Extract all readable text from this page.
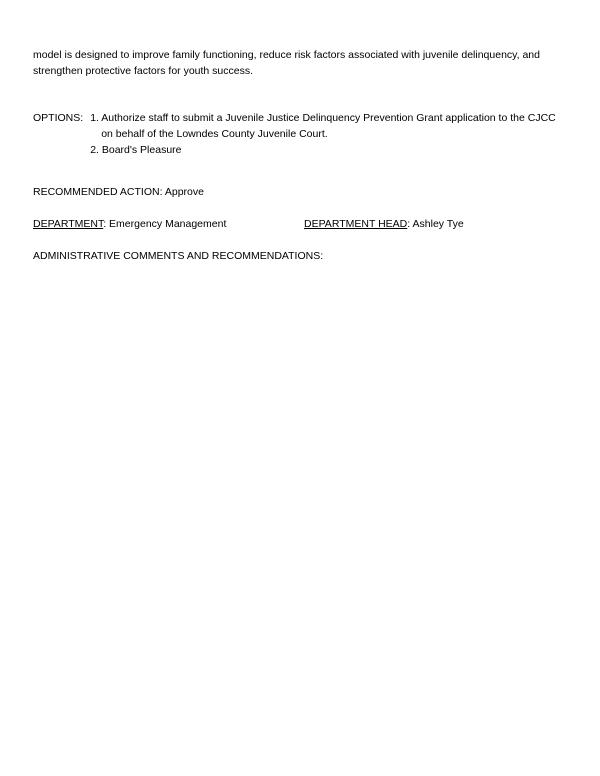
model is designed to improve family functioning, reduce risk factors associated with juvenile delinquency, and strengthen protective factors for youth success.

OPTIONS: 1. Authorize staff to submit a Juvenile Justice Delinquency Prevention Grant application to the CJCC
on behalf of the Lowndes County Juvenile Court.
2. Board's Pleasure
RECOMMENDED ACTION: Approve
DEPARTMENT: Emergency Management	DEPARTMENT HEAD: Ashley Tye
ADMINISTRATIVE COMMENTS AND RECOMMENDATIONS:
